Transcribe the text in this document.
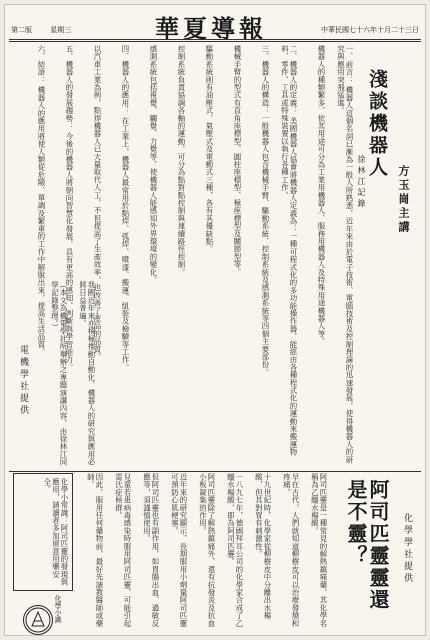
第二版	星期三	華夏導報	中華民國七十六年十月二十三日
淺談機器人
方玉崗主講
徐林江記錄
一、前言： 機器人這個名詞已漸為一般人所熟悉，近年來由於電子技術、電腦技術及控制理論的迅速發展，使得機器人的研究與應用突飛猛進。
機器人的種類繁多，依其用途可分為工業用機器人、服務用機器人及特殊用途機器人等。
二、機器人的定義： 美國機器人協會將機器人定義為：一種可程式化的多功能操作器，能經由各種程式化的運動來搬運物料、零件、工具或特殊裝置以執行各種工作。
三、機器人的構造：一般機器人包含機械手臂、驅動系統、控制系統及感測系統等四個主要部份。
機械手臂的型式有直角座標型、圓柱座標型、極座標型及關節型等。
驅動系統則有油壓式、氣壓式及電動式三種，各有其優缺點。
控制系統負責協調各軸的運動，可分為點對點控制與連續路徑控制。
感測系統包括視覺、觸覺、力覺等，使機器人能感知外界環境的變化。
四、機器人的應用： 在工業上，機器人最常用於點焊、弧焊、噴漆、搬運、組裝及檢驗等工作。
以汽車工業為例，點焊機器人已大量取代人工，不但提高了生產效率，也改善了產品的品質。
五、機器人的發展趨勢： 今後的機器人將朝向智慧化發展，具有更高的感知、判斷與學習能力。
六、結語： 機器人的應用將使人類從危險、單調及繁重的工作中解脫出來，提高生活品質。
我國近年來亦積極推動自動化，機器人的研究與應用必將日益普遍。
（本文為機電學社所舉辦之專題演講內容，由徐林江同學記錄整理。）
電機學社提供
化學小常識：阿司匹靈的發現與應用，請讀者多加留意用藥安全。
化學小識	因此，服用任何藥物前，最好先請教醫師或藥師。	兒童若患病毒感染時服用阿司匹靈，可能引起雷氏症候群。	但阿司匹靈也有副作用，如胃腸出血、過敏反應等，須謹慎使用。	近年來的研究顯示，長期服用小劑量阿司匹靈可預防心肌梗塞。	阿司匹靈除了解熱鎮痛外，還有抗發炎及抗血小板凝集的作用。	一八九七年，德國拜耳公司的化學家合成了乙醯水楊酸，即為阿司匹靈。	十九世紀時，化學家從柳樹皮中分離出水楊酸，但其對胃有刺激性。	早在古代，人們就知道柳樹皮可以治療發燒和疼痛。	阿司匹靈是一種常見的解熱鎮痛藥，其化學名稱為乙醯水楊酸。	阿司匹靈靈還是不靈？	化學學社提供
